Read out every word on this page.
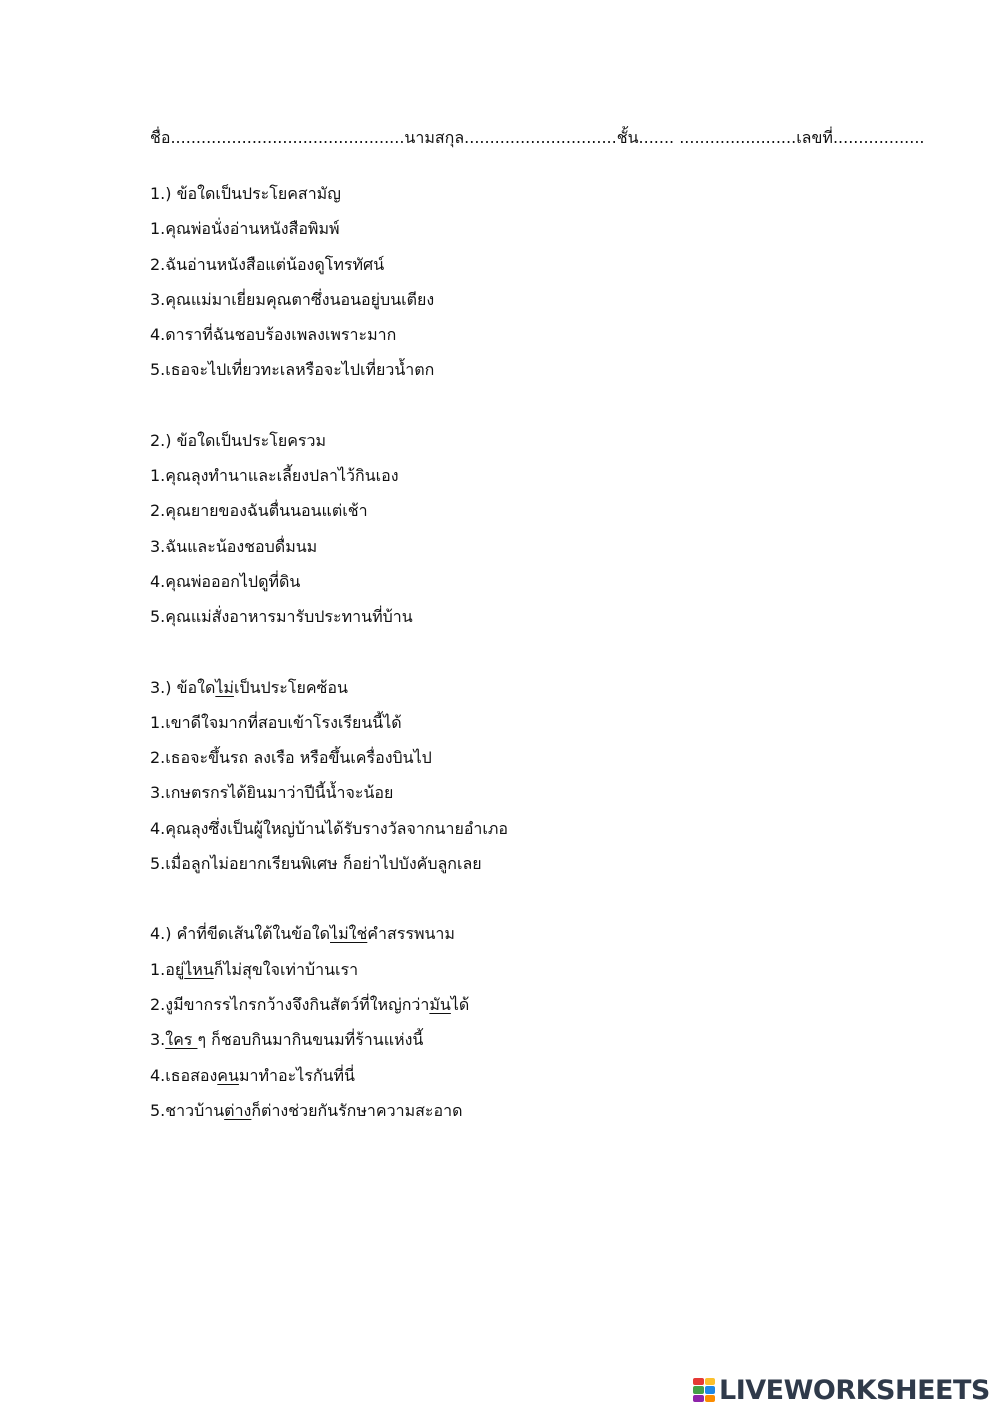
ชื่อ..............................................นามสกุล..............................ชั้น....... .......................เลขที่..................
1.) ข้อใดเป็นประโยคสามัญ
1.คุณพ่อนั่งอ่านหนังสือพิมพ์
2.ฉันอ่านหนังสือแต่น้องดูโทรทัศน์
3.คุณแม่มาเยี่ยมคุณตาซึ่งนอนอยู่บนเตียง
4.ดาราที่ฉันชอบร้องเพลงเพราะมาก
5.เธอจะไปเที่ยวทะเลหรือจะไปเที่ยวน้ำตก
2.) ข้อใดเป็นประโยครวม
1.คุณลุงทำนาและเลี้ยงปลาไว้กินเอง
2.คุณยายของฉันตื่นนอนแต่เช้า
3.ฉันและน้องชอบดื่มนม
4.คุณพ่อออกไปดูที่ดิน
5.คุณแม่สั่งอาหารมารับประทานที่บ้าน
3.) ข้อใดไม่เป็นประโยคซ้อน
1.เขาดีใจมากที่สอบเข้าโรงเรียนนี้ได้
2.เธอจะขึ้นรถ ลงเรือ หรือขึ้นเครื่องบินไป
3.เกษตรกรได้ยินมาว่าปีนี้น้ำจะน้อย
4.คุณลุงซึ่งเป็นผู้ใหญ่บ้านได้รับรางวัลจากนายอำเภอ
5.เมื่อลูกไม่อยากเรียนพิเศษ ก็อย่าไปบังคับลูกเลย
4.) คำที่ขีดเส้นใต้ในข้อใดไม่ใช่คำสรรพนาม
1.อยู่ไหนก็ไม่สุขใจเท่าบ้านเรา
2.งูมีขากรรไกรกว้างจึงกินสัตว์ที่ใหญ่กว่ามันได้
3.ใคร ๆ ก็ชอบกินมากินขนมที่ร้านแห่งนี้
4.เธอสองคนมาทำอะไรกันที่นี่
5.ชาวบ้านต่างก็ต่างช่วยกันรักษาความสะอาด
LIVEWORKSHEETS
